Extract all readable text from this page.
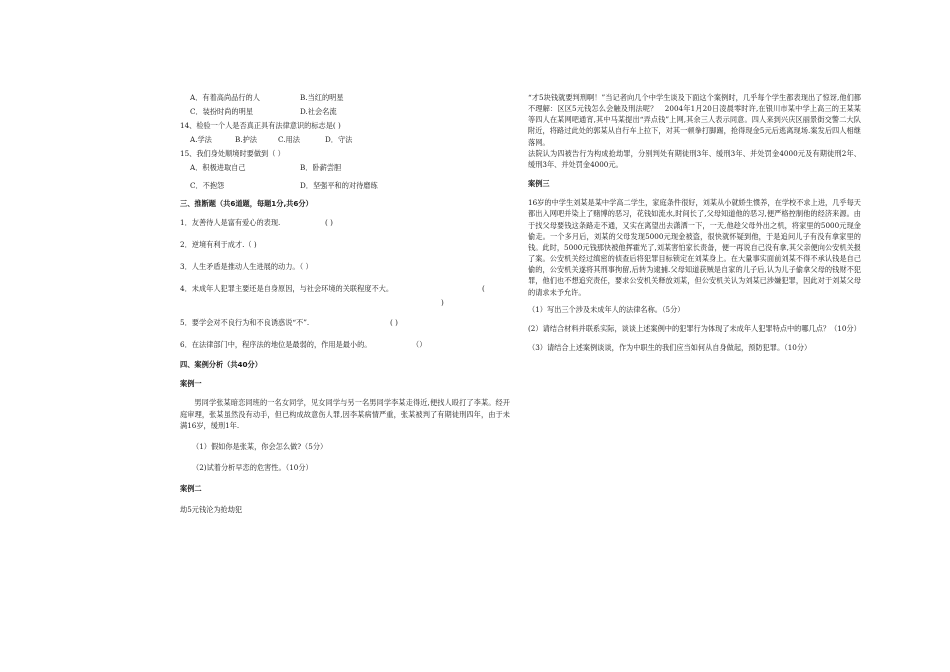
A．有着高尚品行的人	B.当红的明星
C．装扮时尚的明星	D.社会名流
14、检验一个人是否真正具有法律意识的标志是( )
A.学法	B.护法	C.用法	D．守法
15、我们身处顺境时要做到（ ）
A．积极进取自己	B．卧薪尝胆
C．不抱怨	D．坚强平和的对待磨练

三、推断题（共6道题，每题1分,共6分）

1．友善待人是富有爱心的表现.	( )
2．逆境有利于成才.（ )
3．人生矛盾是推动人生进展的动力。（ ）
4．未成年人犯罪主要还是自身原因，与社会环境的关联程度不大。	(
)
5．要学会对不良行为和不良诱惑说“不”.	( )
6．在法律部门中，程序法的地位是最弱的，作用是最小的。	（）

四、案例分析（共40分）

案例一

男同学张某暗恋同班的一名女同学，见女同学与另一名男同学李某走得近,便找人殴打了李某。经开庭审理，张某虽然没有动手，但已构成故意伤人罪,因李某病情严重，张某被判了有期徒刑四年，由于未满16岁，缓刑1年.

（1）假如你是张某，你会怎么做?（5分）

（2)试着分析早恋的危害性。（10分）

案例二

劫5元钱沦为抢劫犯

“才5块钱就要判刑啊！”当记者向几个中学生谈及下面这个案例时，几乎每个学生都表现出了惊讶,他们都不理解：区区5元钱怎么会触及刑法呢？　2004年1月20日凌晨零时许,在银川市某中学上高三的王某某等四人在某网吧通宵,其中马某提出“弄点钱”上网,其余三人表示同意。四人来到兴庆区丽景街交警二大队附近，将路过此处的郭某从自行车上拉下，对其一顿拳打脚踢，抢得现金5元后逃离现场.案发后四人相继落网。

法院认为四被告行为构成抢劫罪，分别判处有期徒刑3年、缓刑3年、并处罚金4000元及有期徒刑2年、缓刑3年、并处罚金4000元。

案例三

16岁的中学生刘某是某中学高二学生，家庭条件很好，刘某从小就娇生惯养，在学校不求上进，几乎每天都出入网吧并染上了赌博的恶习，花钱如流水,时间长了,父母知道他的恶习,便严格控制他的经济来源。由于找父母要钱这条路走不通，又实在离望出去潇洒一下，一天,他趁父母外出之机，将家里的5000元现金偷走。一个多月后，刘某的父母发现5000元现金被盗，很快就怀疑到他，于是追问儿子有没有拿家里的钱。此时，5000元钱那快被他挥霍光了,刘某害怕家长责备，便一再说自己没有拿,其父亲便向公安机关报了案。公安机关经过缜密的侦查后将犯罪目标锁定在刘某身上。在大量事实面前刘某不得不承认钱是自己偷的，公安机关遂将其刑事拘留,后转为逮捕.父母知道获贼是自家的儿子后,认为儿子偷拿父母的钱财不犯罪，他们也不想追究责任，要求公安机关释放刘某，但公安机关认为刘某已涉嫌犯罪，因此对于刘某父母的请求未予允许。

（1）写出三个涉及未成年人的法律名称。（5分）

(2）请结合材料并联系实际，谈谈上述案例中的犯罪行为体现了未成年人犯罪特点中的哪几点？（10分）

（3）请结合上述案例谈谈，作为中职生的我们应当如何从自身做起，预防犯罪。（10分）
